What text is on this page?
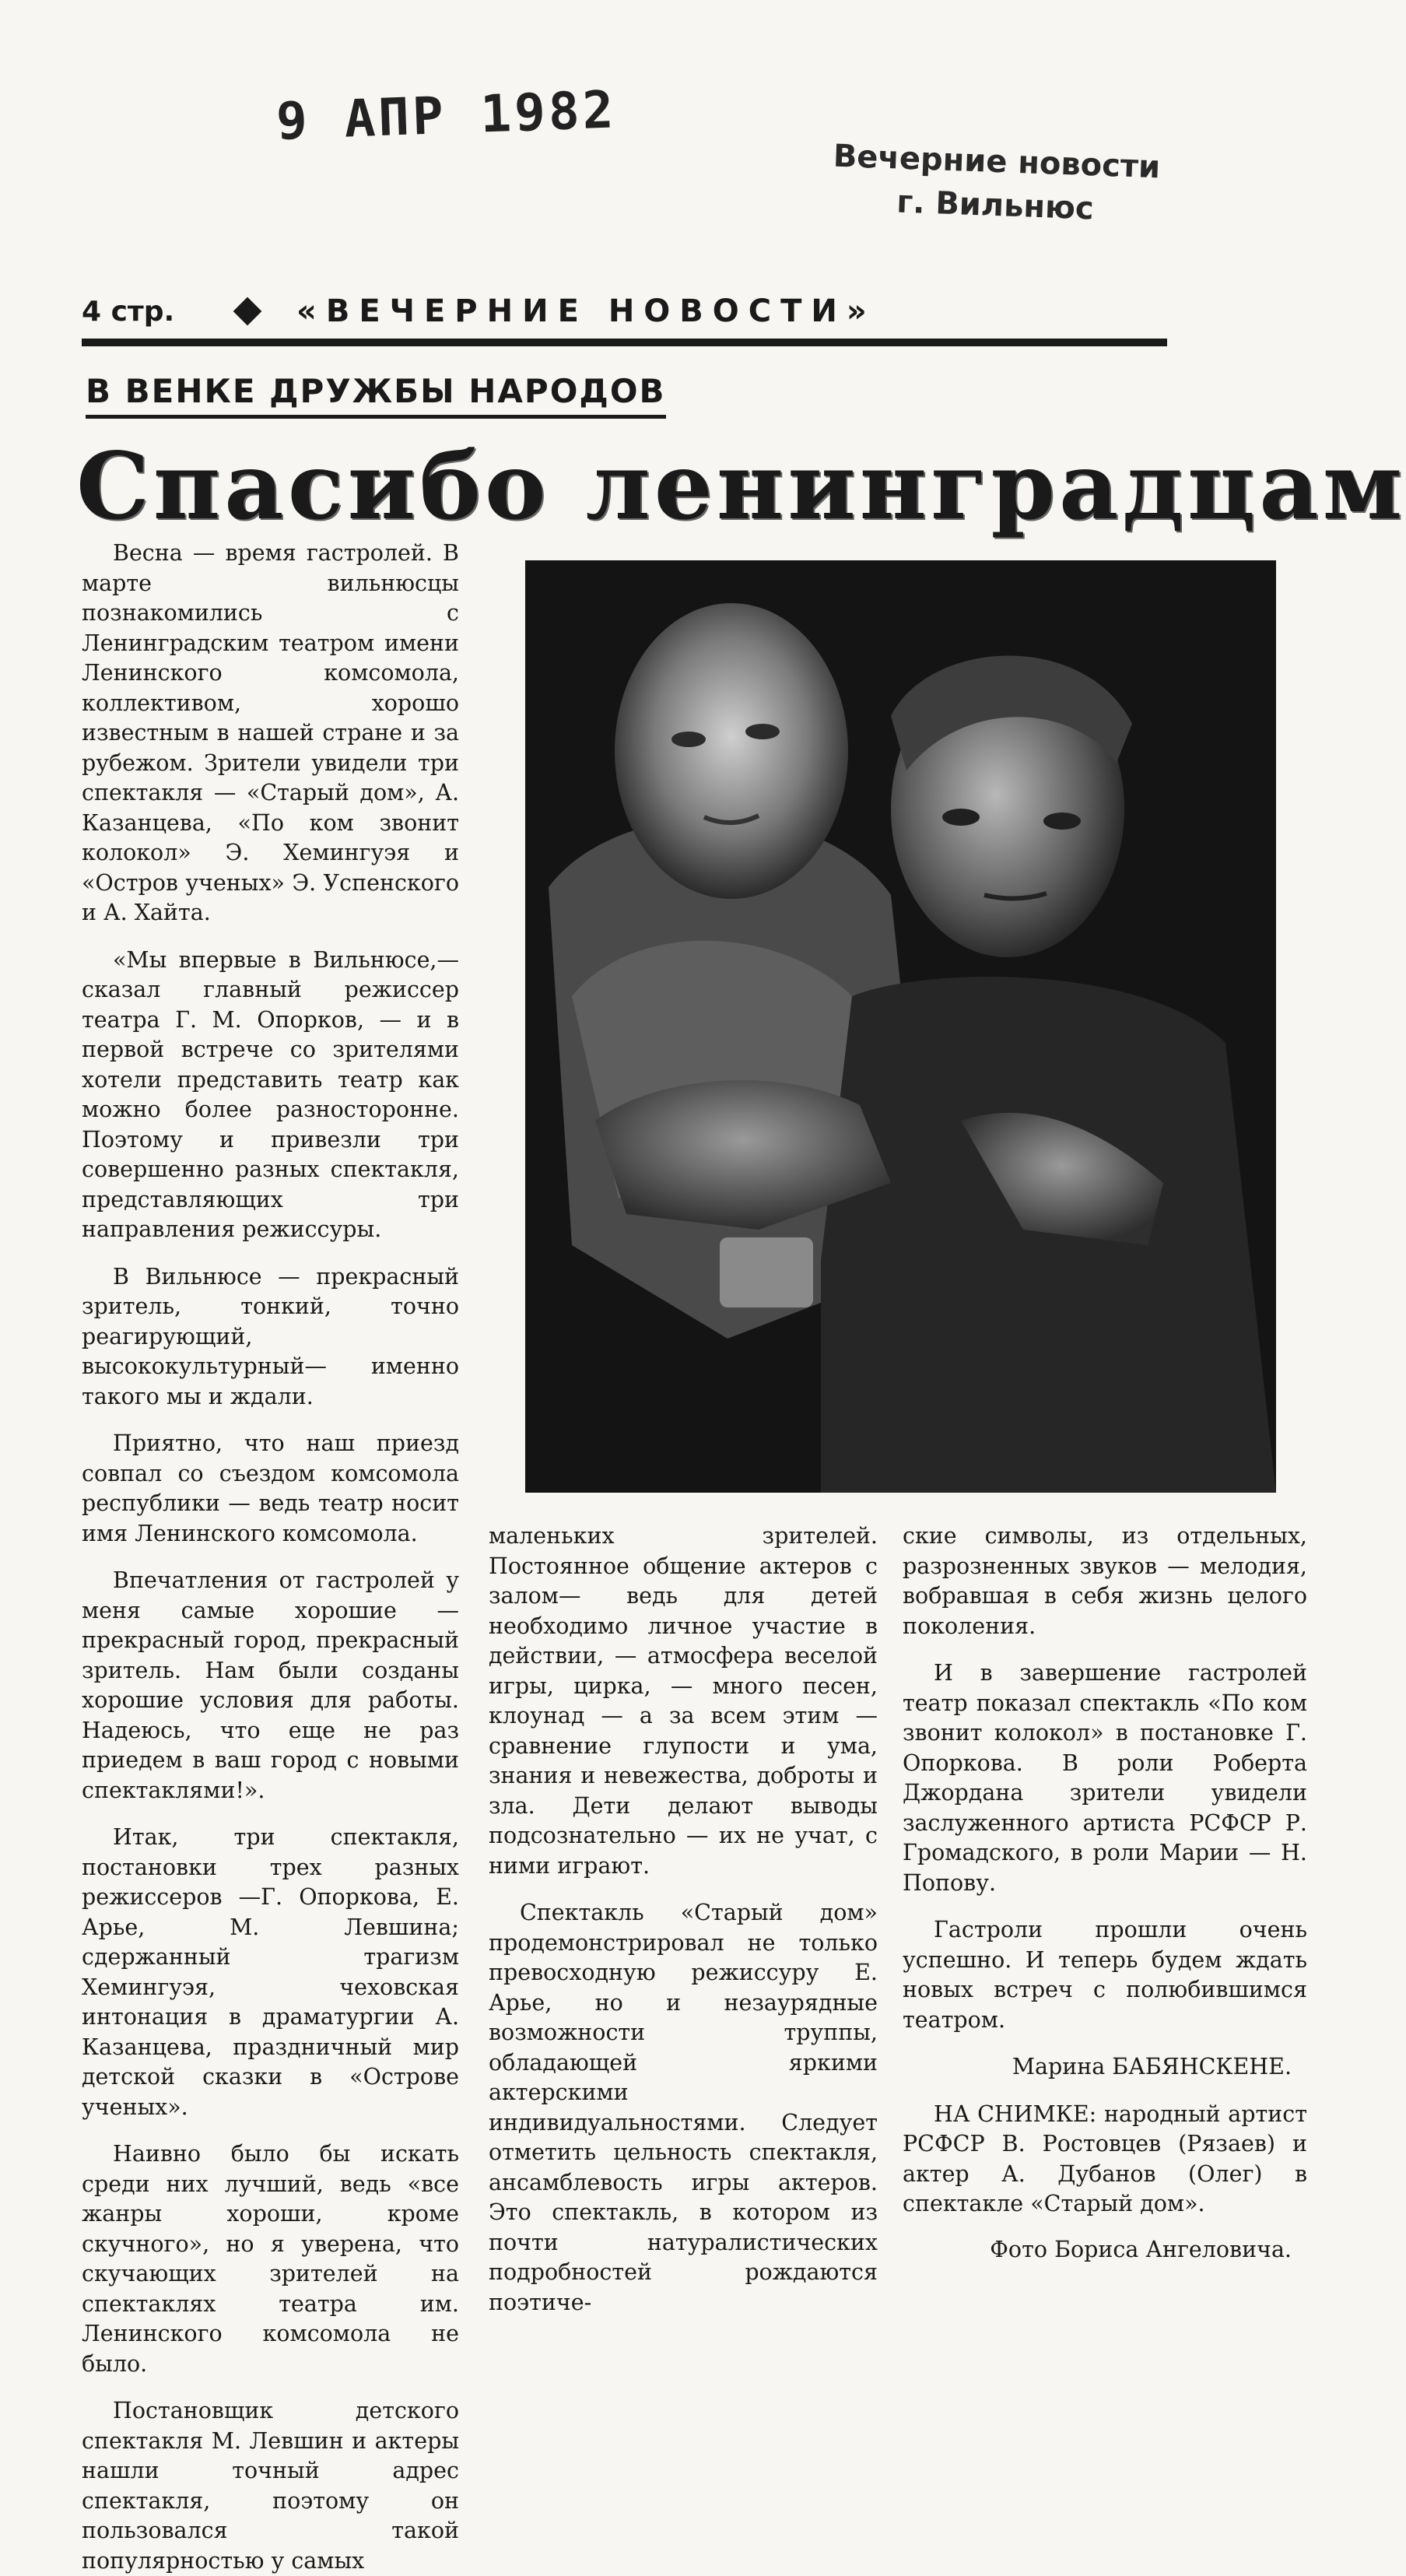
9 АПР 1982
Вечерние новости
г. Вильнюс
4 стр.	«ВЕЧЕРНИЕ НОВОСТИ»
В ВЕНКЕ ДРУЖБЫ НАРОДОВ
Спасибо ленинградцам

Весна — время гастролей. В марте вильнюсцы познакомились с Ленинградским театром имени Ленинского комсомола, коллективом, хорошо известным в нашей стране и за рубежом. Зрители увидели три спектакля — «Старый дом», А. Казанцева, «По ком звонит колокол» Э. Хемингуэя и «Остров ученых» Э. Успенского и А. Хайта.

«Мы впервые в Вильнюсе,— сказал главный режиссер театра Г. М. Опорков, — и в первой встрече со зрителями хотели представить театр как можно более разносторонне. Поэтому и привезли три совершенно разных спектакля, представляющих три направления режиссуры.

В Вильнюсе — прекрасный зритель, тонкий, точно реагирующий, высококультурный— именно такого мы и ждали.

Приятно, что наш приезд совпал со съездом комсомола республики — ведь театр носит имя Ленинского комсомола.

Впечатления от гастролей у меня самые хорошие — прекрасный город, прекрасный зритель. Нам были созданы хорошие условия для работы. Надеюсь, что еще не раз приедем в ваш город с новыми спектаклями!».

Итак, три спектакля, постановки трех разных режиссеров —Г. Опоркова, Е. Арье, М. Левшина; сдержанный трагизм Хемингуэя, чеховская интонация в драматургии А. Казанцева, праздничный мир детской сказки в «Острове ученых».

Наивно было бы искать среди них лучший, ведь «все жанры хороши, кроме скучного», но я уверена, что скучающих зрителей на спектаклях театра им. Ленинского комсомола не было.

Постановщик детского спектакля М. Левшин и актеры нашли точный адрес спектакля, поэтому он пользовался такой популярностью у самых

маленьких зрителей. Постоянное общение актеров с залом— ведь для детей необходимо личное участие в действии, — атмосфера веселой игры, цирка, — много песен, клоунад — а за всем этим — сравнение глупости и ума, знания и невежества, доброты и зла. Дети делают выводы подсознательно — их не учат, с ними играют.

Спектакль «Старый дом» продемонстрировал не только превосходную режиссуру Е. Арье, но и незаурядные возможности труппы, обладающей яркими актерскими индивидуальностями. Следует отметить цельность спектакля, ансамблевость игры актеров. Это спектакль, в котором из почти натуралистических подробностей рождаются поэтиче-

ские символы, из отдельных, разрозненных звуков — мелодия, вобравшая в себя жизнь целого поколения.

И в завершение гастролей театр показал спектакль «По ком звонит колокол» в постановке Г. Опоркова. В роли Роберта Джордана зрители увидели заслуженного артиста РСФСР Р. Громадского, в роли Марии — Н. Попову.

Гастроли прошли очень успешно. И теперь будем ждать новых встреч с полюбившимся театром.

Марина БАБЯНСКЕНЕ.

НА СНИМКЕ: народный артист РСФСР В. Ростовцев (Рязаев) и актер А. Дубанов (Олег) в спектакле «Старый дом».

Фото Бориса Ангеловича.
